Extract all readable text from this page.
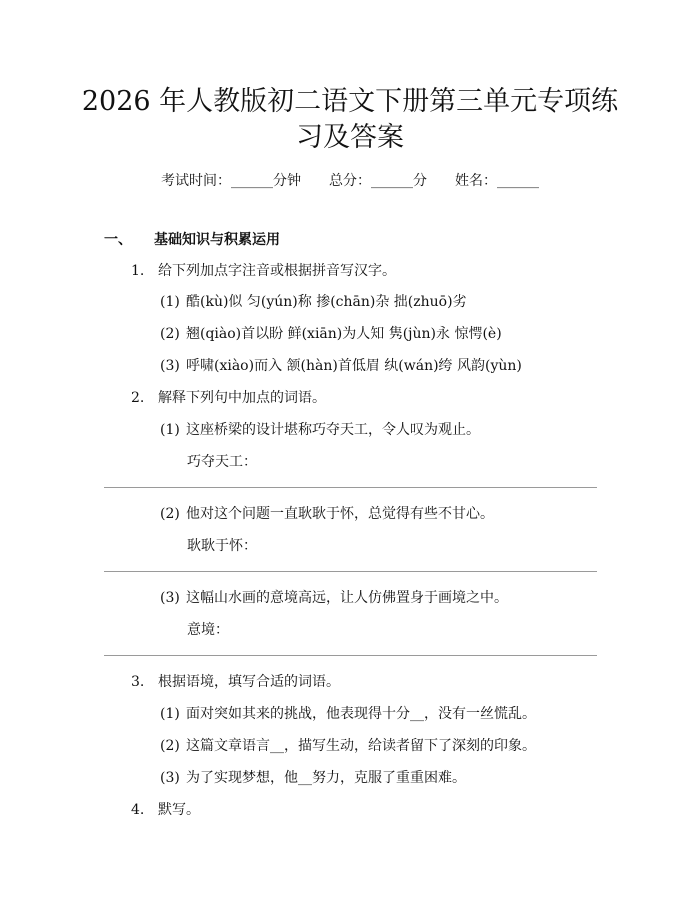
2026 年人教版初二语文下册第三单元专项练
习及答案
考试时间：______分钟 总分：______分 姓名：______
一、 基础知识与积累运用
1. 给下列加点字注音或根据拼音写汉字。
(1) 酷(kù)似 匀(yún)称 掺(chān)杂 拙(zhuō)劣
(2) 翘(qiào)首以盼 鲜(xiān)为人知 隽(jùn)永 惊愕(è)
(3) 呼啸(xiào)而入 颔(hàn)首低眉 纨(wán)绔 风韵(yùn)
2. 解释下列句中加点的词语。
(1) 这座桥梁的设计堪称巧夺天工，令人叹为观止。
巧夺天工：
(2) 他对这个问题一直耿耿于怀，总觉得有些不甘心。
耿耿于怀：
(3) 这幅山水画的意境高远，让人仿佛置身于画境之中。
意境：
3. 根据语境，填写合适的词语。
(1) 面对突如其来的挑战，他表现得十分__，没有一丝慌乱。
(2) 这篇文章语言__，描写生动，给读者留下了深刻的印象。
(3) 为了实现梦想，他__努力，克服了重重困难。
4. 默写。
